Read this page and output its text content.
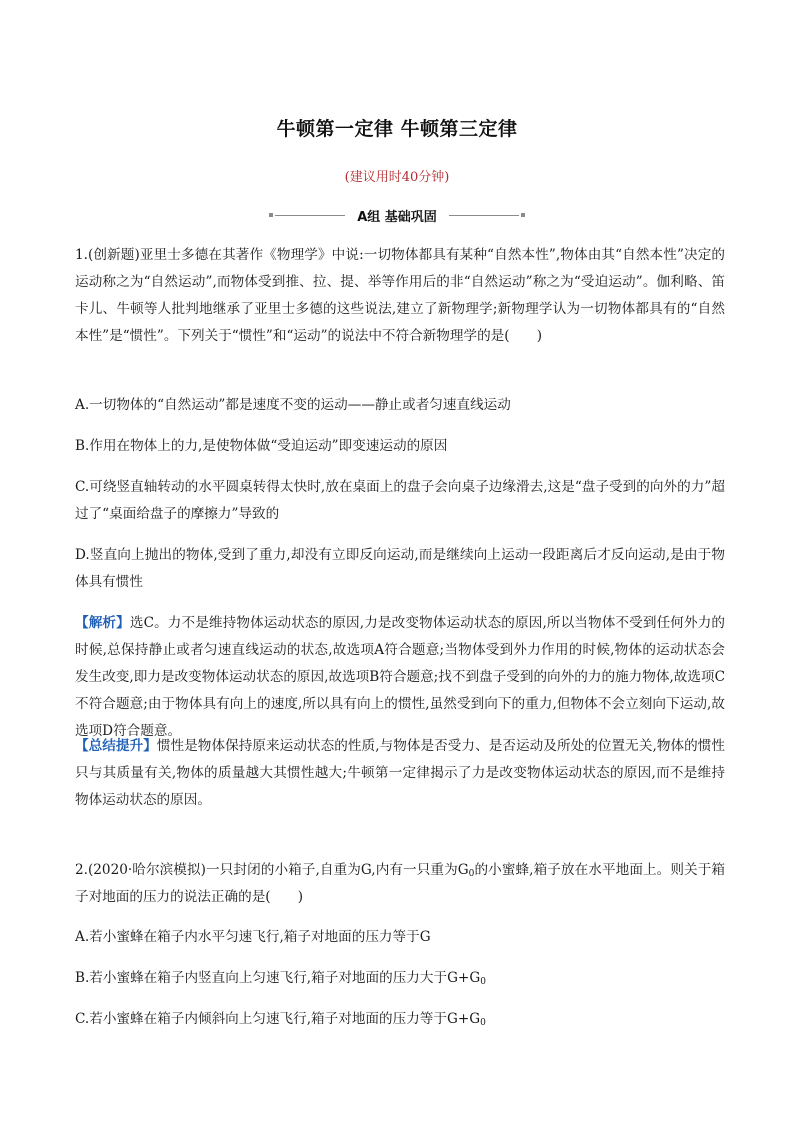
牛顿第一定律 牛顿第三定律
(建议用时40分钟)
A组 基础巩固

1.(创新题)亚里士多德在其著作《物理学》中说:一切物体都具有某种“自然本性”,物体由其“自然本性”决定的运动称之为“自然运动”,而物体受到推、拉、提、举等作用后的非“自然运动”称之为“受迫运动”。伽利略、笛卡儿、牛顿等人批判地继承了亚里士多德的这些说法,建立了新物理学;新物理学认为一切物体都具有的“自然本性”是“惯性”。下列关于“惯性”和“运动”的说法中不符合新物理学的是(　　)

A.一切物体的“自然运动”都是速度不变的运动——静止或者匀速直线运动

B.作用在物体上的力,是使物体做“受迫运动”即变速运动的原因

C.可绕竖直轴转动的水平圆桌转得太快时,放在桌面上的盘子会向桌子边缘滑去,这是“盘子受到的向外的力”超过了“桌面给盘子的摩擦力”导致的

D.竖直向上抛出的物体,受到了重力,却没有立即反向运动,而是继续向上运动一段距离后才反向运动,是由于物体具有惯性

【解析】选C。力不是维持物体运动状态的原因,力是改变物体运动状态的原因,所以当物体不受到任何外力的时候,总保持静止或者匀速直线运动的状态,故选项A符合题意;当物体受到外力作用的时候,物体的运动状态会发生改变,即力是改变物体运动状态的原因,故选项B符合题意;找不到盘子受到的向外的力的施力物体,故选项C不符合题意;由于物体具有向上的速度,所以具有向上的惯性,虽然受到向下的重力,但物体不会立刻向下运动,故选项D符合题意。

【总结提升】惯性是物体保持原来运动状态的性质,与物体是否受力、是否运动及所处的位置无关,物体的惯性只与其质量有关,物体的质量越大其惯性越大;牛顿第一定律揭示了力是改变物体运动状态的原因,而不是维持物体运动状态的原因。

2.(2020·哈尔滨模拟)一只封闭的小箱子,自重为G,内有一只重为$G_0$的小蜜蜂,箱子放在水平地面上。则关于箱子对地面的压力的说法正确的是(　　)

A.若小蜜蜂在箱子内水平匀速飞行,箱子对地面的压力等于G

B.若小蜜蜂在箱子内竖直向上匀速飞行,箱子对地面的压力大于$G+G_0$

C.若小蜜蜂在箱子内倾斜向上匀速飞行,箱子对地面的压力等于$G+G_0$
